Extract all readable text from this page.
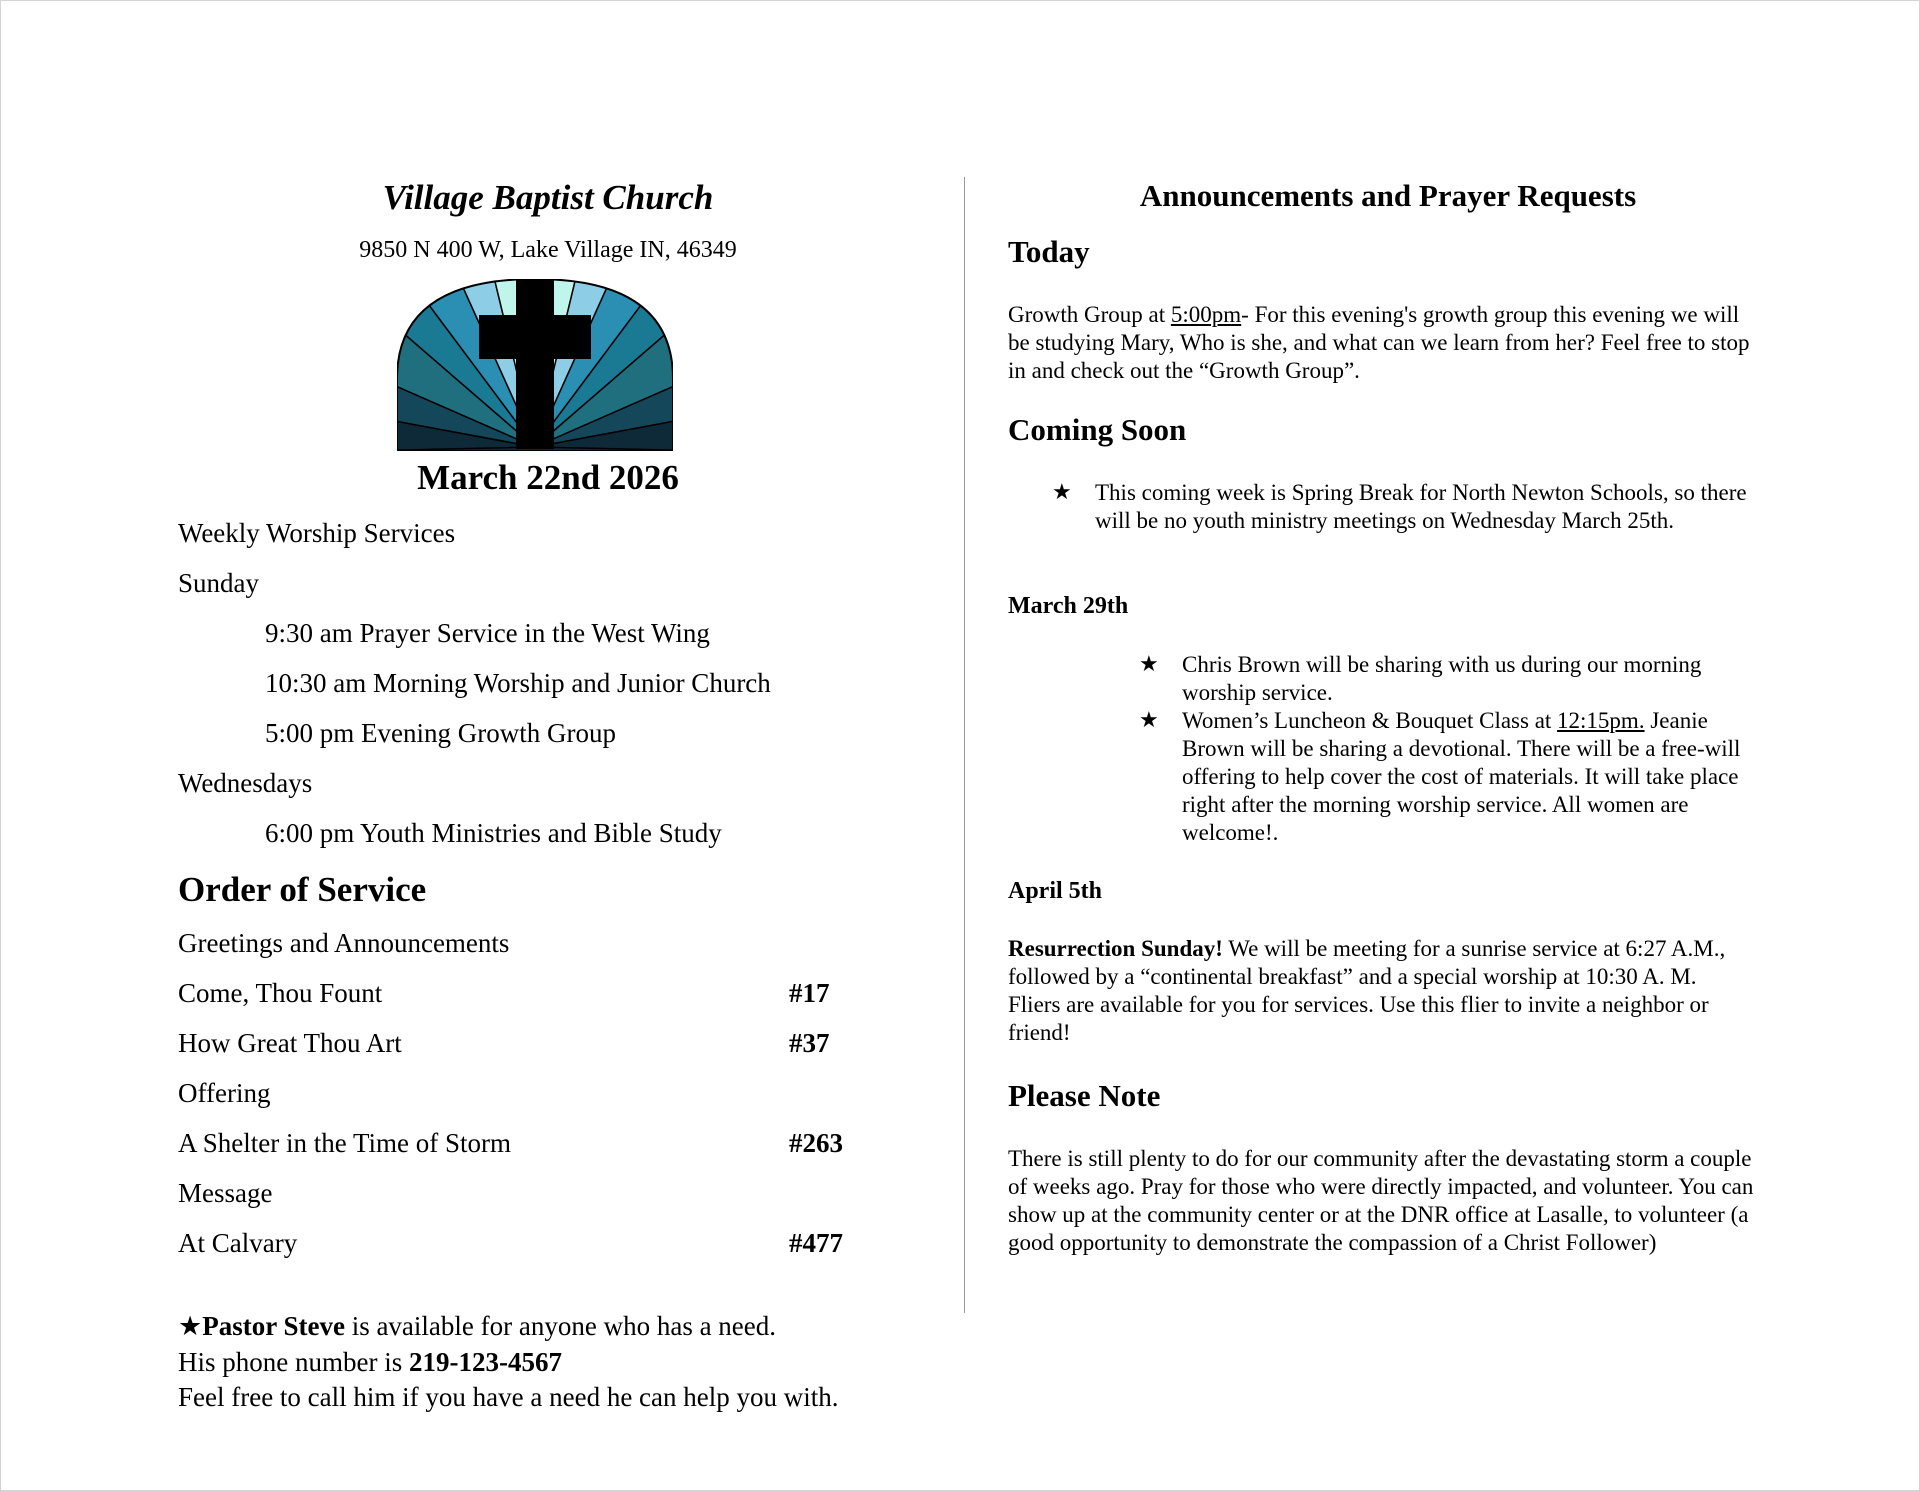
Village Baptist Church
9850 N 400 W, Lake Village IN, 46349
March 22nd 2026
Weekly Worship Services
Sunday
9:30 am Prayer Service in the West Wing
10:30 am Morning Worship and Junior Church
5:00 pm Evening Growth Group
Wednesdays
6:00 pm Youth Ministries and Bible Study
Order of Service
Greetings and Announcements
Come, Thou Fount	#17
How Great Thou Art	#37
Offering
A Shelter in the Time of Storm	#263
Message
At Calvary	#477
★Pastor Steve is available for anyone who has a need.
His phone number is 219-123-4567
Feel free to call him if you have a need he can help you with.
Announcements and Prayer Requests
Today
Growth Group at 5:00pm- For this evening's growth group this evening we will be studying Mary, Who is she, and what can we learn from her? Feel free to stop in and check out the “Growth Group”.
Coming Soon
★ This coming week is Spring Break for North Newton Schools, so there will be no youth ministry meetings on Wednesday March 25th.
March 29th
★ Chris Brown will be sharing with us during our morning worship service.
★ Women’s Luncheon & Bouquet Class at 12:15pm. Jeanie Brown will be sharing a devotional. There will be a free-will offering to help cover the cost of materials. It will take place right after the morning worship service. All women are welcome!.
April 5th
Resurrection Sunday! We will be meeting for a sunrise service at 6:27 A.M., followed by a “continental breakfast” and a special worship at 10:30 A. M. Fliers are available for you for services. Use this flier to invite a neighbor or friend!
Please Note
There is still plenty to do for our community after the devastating storm a couple of weeks ago. Pray for those who were directly impacted, and volunteer. You can show up at the community center or at the DNR office at Lasalle, to volunteer (a good opportunity to demonstrate the compassion of a Christ Follower)
